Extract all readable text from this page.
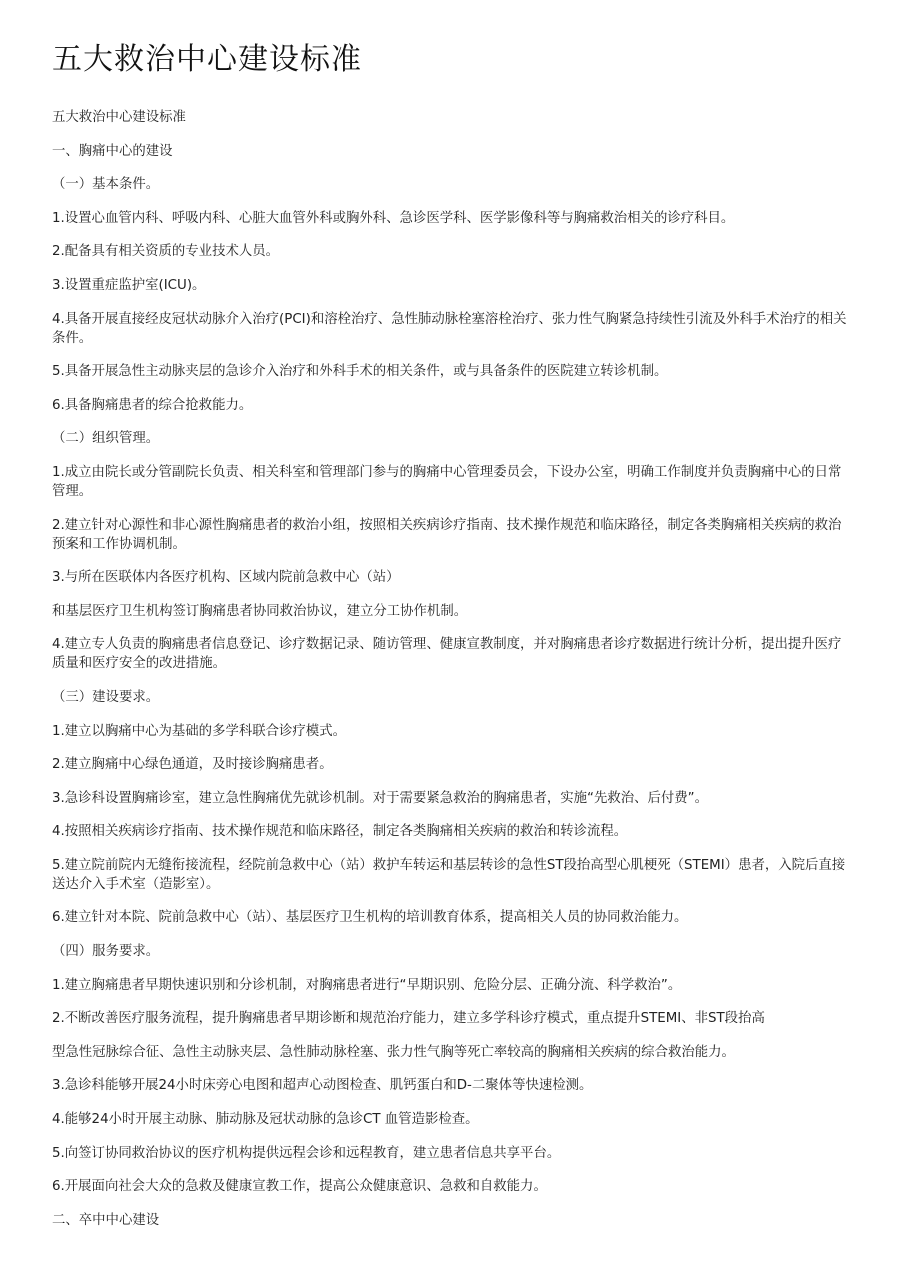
五大救治中心建设标准

五大救治中心建设标准

一、胸痛中心的建设

（一）基本条件。

1.设置心血管内科、呼吸内科、心脏大血管外科或胸外科、急诊医学科、医学影像科等与胸痛救治相关的诊疗科目。

2.配备具有相关资质的专业技术人员。

3.设置重症监护室(ICU)。

4.具备开展直接经皮冠状动脉介入治疗(PCI)和溶栓治疗、急性肺动脉栓塞溶栓治疗、张力性气胸紧急持续性引流及外科手术治疗的相关条件。

5.具备开展急性主动脉夹层的急诊介入治疗和外科手术的相关条件，或与具备条件的医院建立转诊机制。

6.具备胸痛患者的综合抢救能力。

（二）组织管理。

1.成立由院长或分管副院长负责、相关科室和管理部门参与的胸痛中心管理委员会，下设办公室，明确工作制度并负责胸痛中心的日常管理。

2.建立针对心源性和非心源性胸痛患者的救治小组，按照相关疾病诊疗指南、技术操作规范和临床路径，制定各类胸痛相关疾病的救治预案和工作协调机制。

3.与所在医联体内各医疗机构、区域内院前急救中心（站）

和基层医疗卫生机构签订胸痛患者协同救治协议，建立分工协作机制。

4.建立专人负责的胸痛患者信息登记、诊疗数据记录、随访管理、健康宣教制度，并对胸痛患者诊疗数据进行统计分析，提出提升医疗质量和医疗安全的改进措施。

（三）建设要求。

1.建立以胸痛中心为基础的多学科联合诊疗模式。

2.建立胸痛中心绿色通道，及时接诊胸痛患者。

3.急诊科设置胸痛诊室，建立急性胸痛优先就诊机制。对于需要紧急救治的胸痛患者，实施“先救治、后付费”。

4.按照相关疾病诊疗指南、技术操作规范和临床路径，制定各类胸痛相关疾病的救治和转诊流程。

5.建立院前院内无缝衔接流程，经院前急救中心（站）救护车转运和基层转诊的急性ST段抬高型心肌梗死（STEMI）患者，入院后直接送达介入手术室（造影室）。

6.建立针对本院、院前急救中心（站）、基层医疗卫生机构的培训教育体系，提高相关人员的协同救治能力。

（四）服务要求。

1.建立胸痛患者早期快速识别和分诊机制，对胸痛患者进行“早期识别、危险分层、正确分流、科学救治”。

2.不断改善医疗服务流程，提升胸痛患者早期诊断和规范治疗能力，建立多学科诊疗模式，重点提升STEMI、非ST段抬高

型急性冠脉综合征、急性主动脉夹层、急性肺动脉栓塞、张力性气胸等死亡率较高的胸痛相关疾病的综合救治能力。

3.急诊科能够开展24小时床旁心电图和超声心动图检查、肌钙蛋白和D-二聚体等快速检测。

4.能够24小时开展主动脉、肺动脉及冠状动脉的急诊CT 血管造影检查。

5.向签订协同救治协议的医疗机构提供远程会诊和远程教育，建立患者信息共享平台。

6.开展面向社会大众的急救及健康宣教工作，提高公众健康意识、急救和自救能力。

二、卒中中心建设
